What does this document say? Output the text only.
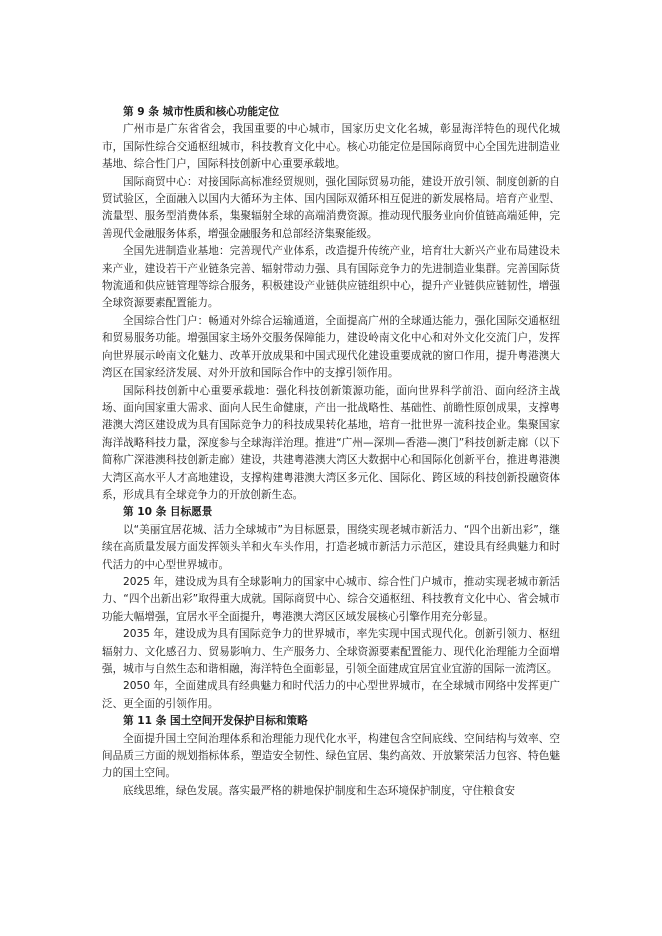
第 9 条 城市性质和核心功能定位

广州市是广东省省会，我国重要的中心城市，国家历史文化名城，彰显海洋特色的现代化城市，国际性综合交通枢纽城市，科技教育文化中心。核心功能定位是国际商贸中心全国先进制造业基地、综合性门户，国际科技创新中心重要承载地。

国际商贸中心：对接国际高标准经贸规则，强化国际贸易功能，建设开放引领、制度创新的自贸试验区，全面融入以国内大循环为主体、国内国际双循环相互促进的新发展格局。培育产业型、流量型、服务型消费体系，集聚辐射全球的高端消费资源。推动现代服务业向价值链高端延伸，完善现代金融服务体系，增强金融服务和总部经济集聚能级。

全国先进制造业基地：完善现代产业体系，改造提升传统产业，培育壮大新兴产业布局建设未来产业，建设若干产业链条完善、辐射带动力强、具有国际竞争力的先进制造业集群。完善国际货物流通和供应链管理等综合服务，积极建设产业链供应链组织中心，提升产业链供应链韧性，增强全球资源要素配置能力。

全国综合性门户：畅通对外综合运输通道，全面提高广州的全球通达能力，强化国际交通枢纽和贸易服务功能。增强国家主场外交服务保障能力，建设岭南文化中心和对外文化交流门户，发挥向世界展示岭南文化魅力、改革开放成果和中国式现代化建设重要成就的窗口作用，提升粤港澳大湾区在国家经济发展、对外开放和国际合作中的支撑引领作用。

国际科技创新中心重要承载地：强化科技创新策源功能，面向世界科学前沿、面向经济主战场、面向国家重大需求、面向人民生命健康，产出一批战略性、基础性、前瞻性原创成果，支撑粤港澳大湾区建设成为具有国际竞争力的科技成果转化基地，培育一批世界一流科技企业。集聚国家海洋战略科技力量，深度参与全球海洋治理。推进“广州—深圳—香港—澳门”科技创新走廊（以下简称广深港澳科技创新走廊）建设，共建粤港澳大湾区大数据中心和国际化创新平台，推进粤港澳大湾区高水平人才高地建设，支撑构建粤港澳大湾区多元化、国际化、跨区域的科技创新投融资体系，形成具有全球竞争力的开放创新生态。

第 10 条 目标愿景

以“美丽宜居花城、活力全球城市”为目标愿景，围绕实现老城市新活力、“四个出新出彩”，继续在高质量发展方面发挥领头羊和火车头作用，打造老城市新活力示范区，建设具有经典魅力和时代活力的中心型世界城市。

2025 年，建设成为具有全球影响力的国家中心城市、综合性门户城市，推动实现老城市新活力、“四个出新出彩”取得重大成就。国际商贸中心、综合交通枢纽、科技教育文化中心、省会城市功能大幅增强，宜居水平全面提升，粤港澳大湾区区域发展核心引擎作用充分彰显。

2035 年，建设成为具有国际竞争力的世界城市，率先实现中国式现代化。创新引领力、枢纽辐射力、文化感召力、贸易影响力、生产服务力、全球资源要素配置能力、现代化治理能力全面增强，城市与自然生态和谐相融，海洋特色全面彰显，引领全面建成宜居宜业宜游的国际一流湾区。

2050 年，全面建成具有经典魅力和时代活力的中心型世界城市，在全球城市网络中发挥更广泛、更全面的引领作用。

第 11 条 国土空间开发保护目标和策略

全面提升国土空间治理体系和治理能力现代化水平，构建包含空间底线、空间结构与效率、空间品质三方面的规划指标体系，塑造安全韧性、绿色宜居、集约高效、开放繁荣活力包容、特色魅力的国土空间。

底线思维，绿色发展。落实最严格的耕地保护制度和生态环境保护制度，守住粮食安
